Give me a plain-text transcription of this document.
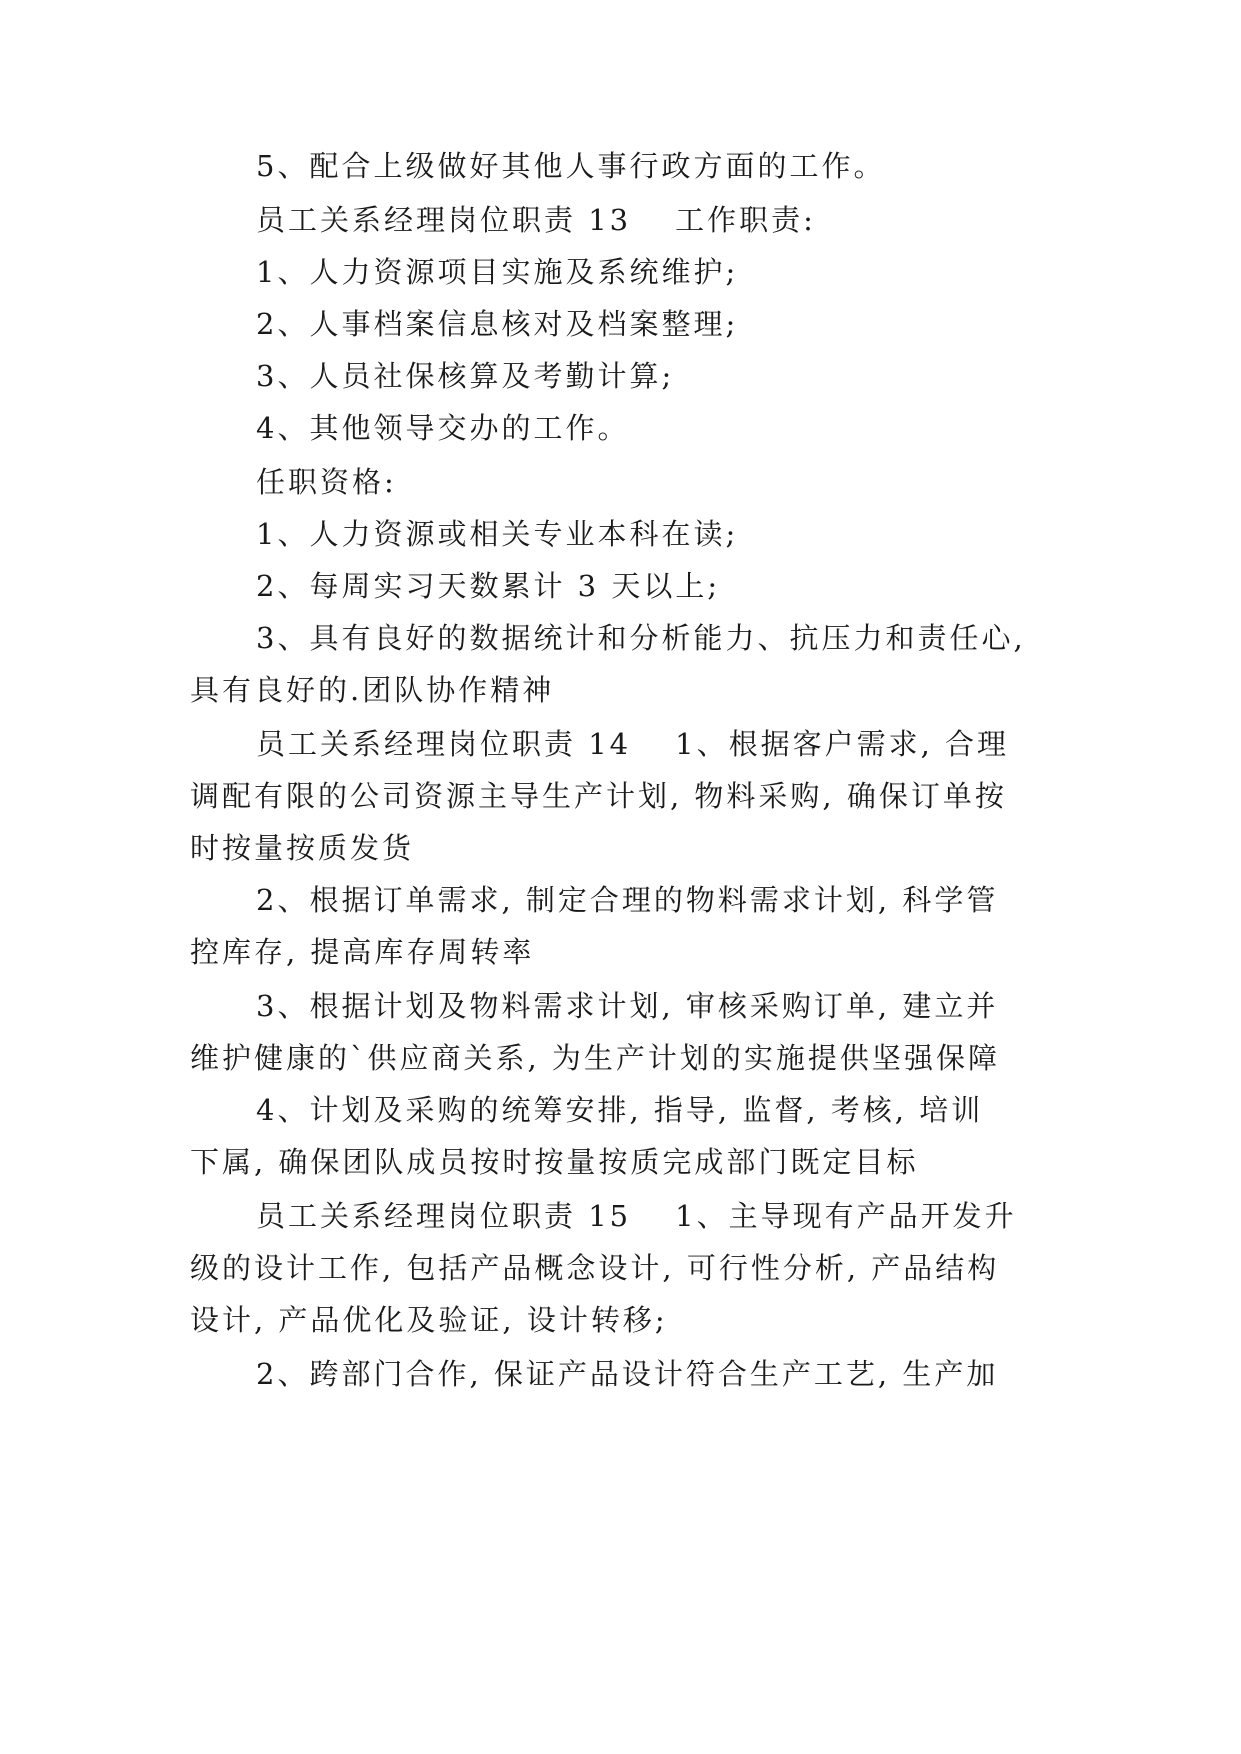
5、配合上级做好其他人事行政方面的工作。
员工关系经理岗位职责 13 工作职责:
1、人力资源项目实施及系统维护;
2、人事档案信息核对及档案整理;
3、人员社保核算及考勤计算;
4、其他领导交办的工作。
任职资格:
1、人力资源或相关专业本科在读;
2、每周实习天数累计 3 天以上;
3、具有良好的数据统计和分析能力、抗压力和责任心,
具有良好的.团队协作精神
员工关系经理岗位职责 14 1、根据客户需求, 合理
调配有限的公司资源主导生产计划, 物料采购, 确保订单按
时按量按质发货
2、根据订单需求, 制定合理的物料需求计划, 科学管
控库存, 提高库存周转率
3、根据计划及物料需求计划, 审核采购订单, 建立并
维护健康的`供应商关系, 为生产计划的实施提供坚强保障
4、计划及采购的统筹安排, 指导, 监督, 考核, 培训
下属, 确保团队成员按时按量按质完成部门既定目标
员工关系经理岗位职责 15 1、主导现有产品开发升
级的设计工作, 包括产品概念设计, 可行性分析, 产品结构
设计, 产品优化及验证, 设计转移;
2、跨部门合作, 保证产品设计符合生产工艺, 生产加
